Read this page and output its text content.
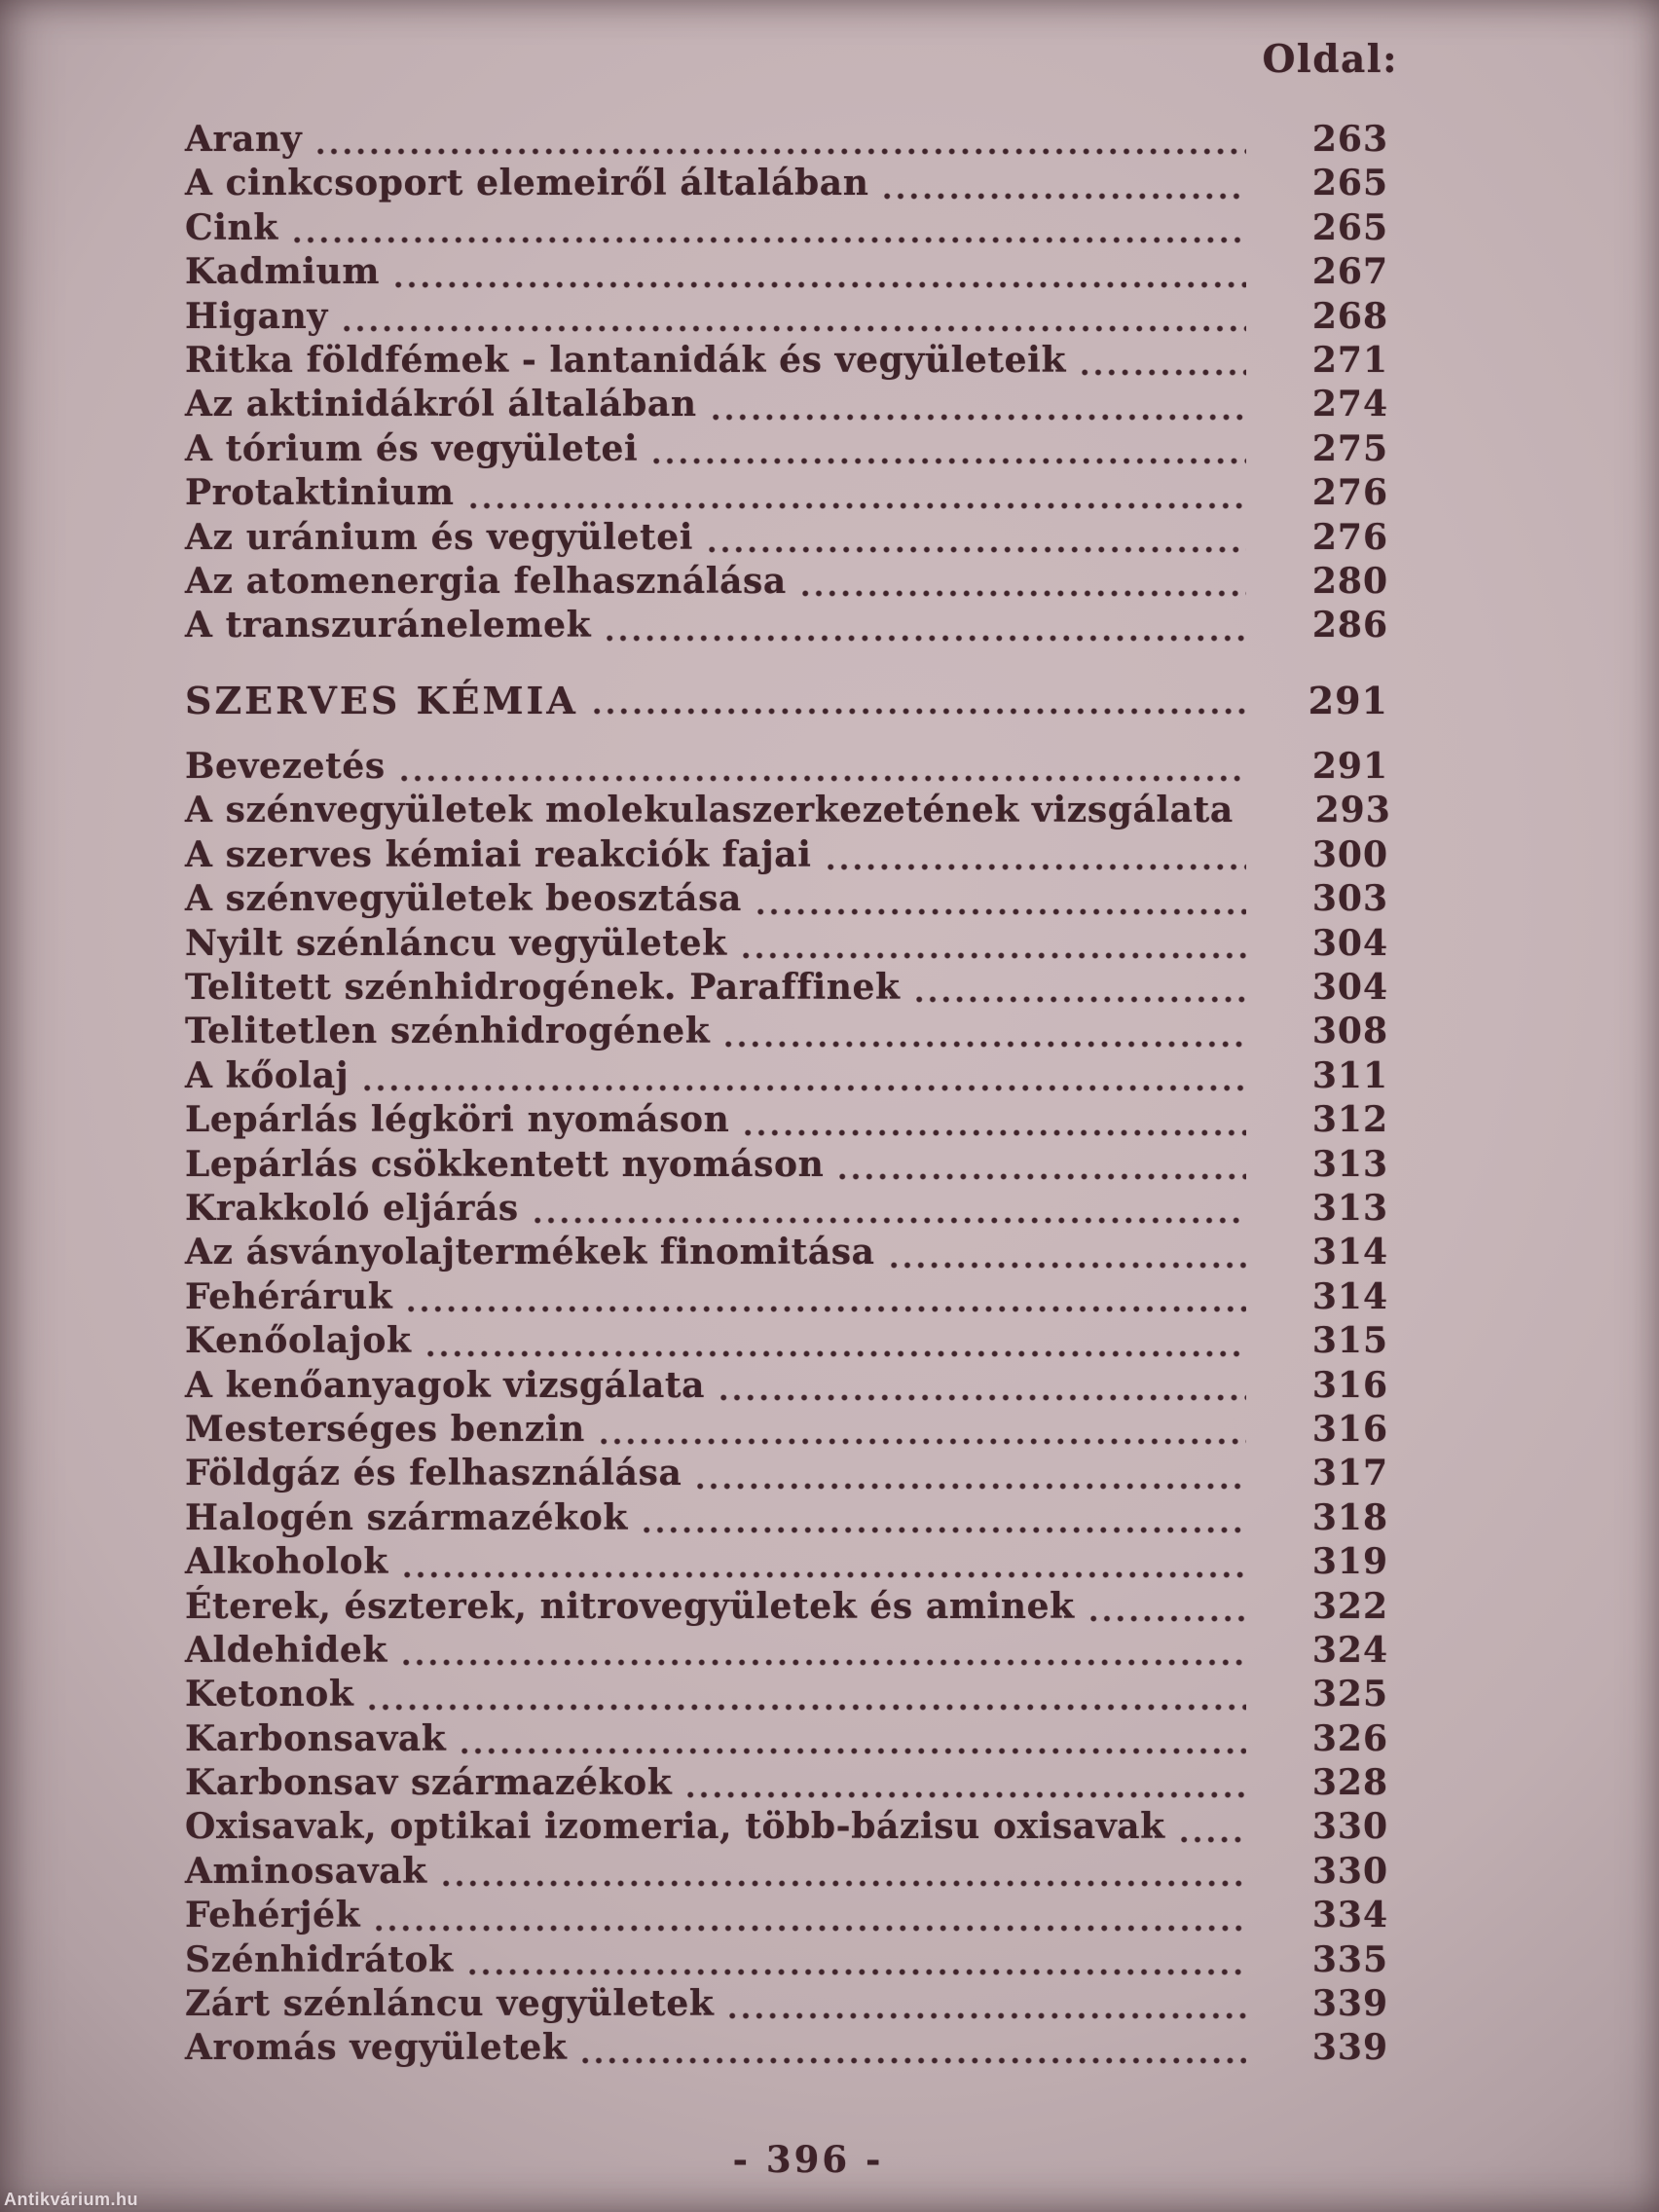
Oldal:
Arany	263
A cinkcsoport elemeiről általában	265
Cink	265
Kadmium	267
Higany	268
Ritka földfémek - lantanidák és vegyületeik	271
Az aktinidákról általában	274
A tórium és vegyületei	275
Protaktinium	276
Az uránium és vegyületei	276
Az atomenergia felhasználása	280
A transzuránelemek	286
SZERVES KÉMIA	291
Bevezetés	291
A szénvegyületek molekulaszerkezetének vizsgálata	293
A szerves kémiai reakciók fajai	300
A szénvegyületek beosztása	303
Nyilt szénláncu vegyületek	304
Telitett szénhidrogének. Paraffinek	304
Telitetlen szénhidrogének	308
A kőolaj	311
Lepárlás légköri nyomáson	312
Lepárlás csökkentett nyomáson	313
Krakkoló eljárás	313
Az ásványolajtermékek finomitása	314
Fehéráruk	314
Kenőolajok	315
A kenőanyagok vizsgálata	316
Mesterséges benzin	316
Földgáz és felhasználása	317
Halogén származékok	318
Alkoholok	319
Éterek, észterek, nitrovegyületek és aminek	322
Aldehidek	324
Ketonok	325
Karbonsavak	326
Karbonsav származékok	328
Oxisavak, optikai izomeria, több-bázisu oxisavak	330
Aminosavak	330
Fehérjék	334
Szénhidrátok	335
Zárt szénláncu vegyületek	339
Aromás vegyületek	339
- 396 -
Antikvárium.hu
